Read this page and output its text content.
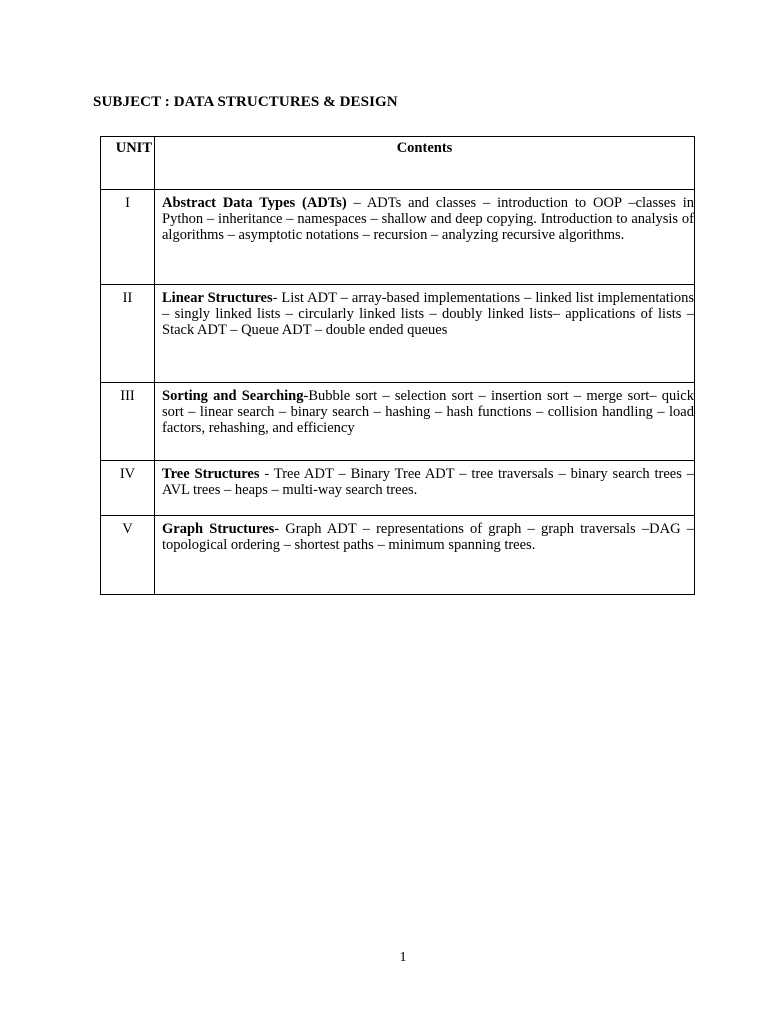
SUBJECT : DATA STRUCTURES & DESIGN
UNIT	Contents
I	Abstract Data Types (ADTs) – ADTs and classes – introduction to OOP –classes in Python – inheritance – namespaces – shallow and deep copying. Introduction to analysis of algorithms – asymptotic notations – recursion – analyzing recursive algorithms.
II	Linear Structures- List ADT – array-based implementations – linked list implementations – singly linked lists – circularly linked lists – doubly linked lists– applications of lists – Stack ADT – Queue ADT – double ended queues
III	Sorting and Searching-Bubble sort – selection sort – insertion sort – merge sort– quick sort – linear search – binary search – hashing – hash functions – collision handling – load factors, rehashing, and efficiency
IV	Tree Structures - Tree ADT – Binary Tree ADT – tree traversals – binary search trees – AVL trees – heaps – multi-way search trees.
V	Graph Structures- Graph ADT – representations of graph – graph traversals –DAG – topological ordering – shortest paths – minimum spanning trees.
1
